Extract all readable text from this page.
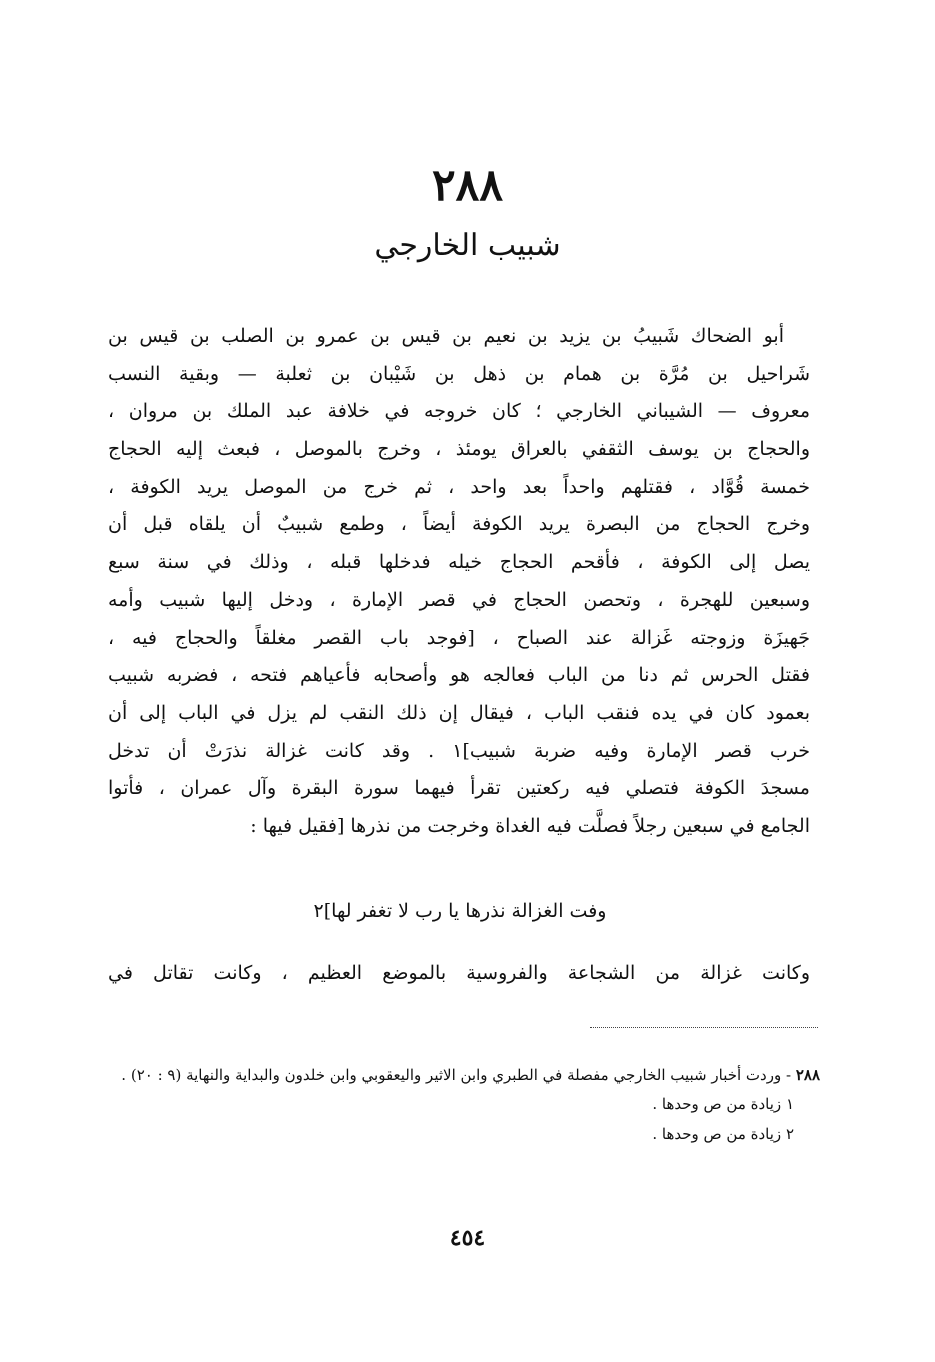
٢٨٨
شبيب الخارجي
أبو الضحاك شَبيبُ بن يزيد بن نعيم بن قيس بن عمرو بن الصلب بن قيس بن
شَراحيل بن مُرَّة بن همام بن ذهل بن شَيْبان بن ثعلبة — وبقية النسب
معروف — الشيباني الخارجي ؛ كان خروجه في خلافة عبد الملك بن مروان ،
والحجاج بن يوسف الثقفي بالعراق يومئذ ، وخرج بالموصل ، فبعث إليه الحجاج
خمسة قُوَّاد ، فقتلهم واحداً بعد واحد ، ثم خرج من الموصل يريد الكوفة ،
وخرج الحجاج من البصرة يريد الكوفة أيضاً ، وطمع شبيبٌ أن يلقاه قبل أن
يصل إلى الكوفة ، فأقحم الحجاج خيله فدخلها قبله ، وذلك في سنة سبع
وسبعين للهجرة ، وتحصن الحجاج في قصر الإمارة ، ودخل إليها شبيب وأمه
جَهيزَة وزوجته غَزالة عند الصباح ، [فوجد باب القصر مغلقاً والحجاج فيه ،
فقتل الحرس ثم دنا من الباب فعالجه هو وأصحابه فأعياهم فتحه ، فضربه شبيب
بعمود كان في يده فنقب الباب ، فيقال إن ذلك النقب لم يزل في الباب إلى أن
خرب قصر الإمارة وفيه ضربة شبيب]١ . وقد كانت غزالة نذرَتْ أن تدخل
مسجدَ الكوفة فتصلي فيه ركعتين تقرأ فيهما سورة البقرة وآل عمران ، فأتوا
الجامع في سبعين رجلاً فصلَّت فيه الغداة وخرجت من نذرها [فقيل فيها :
وفت الغزالة نذرها يا رب لا تغفر لها]٢
وكانت غزالة من الشجاعة والفروسية بالموضع العظيم ، وكانت تقاتل في
٢٨٨ - وردت أخبار شبيب الخارجي مفصلة في الطبري وابن الاثير واليعقوبي وابن خلدون والبداية والنهاية (٩ : ٢٠) .
١ زيادة من ص وحدها .
٢ زيادة من ص وحدها .
٤٥٤
